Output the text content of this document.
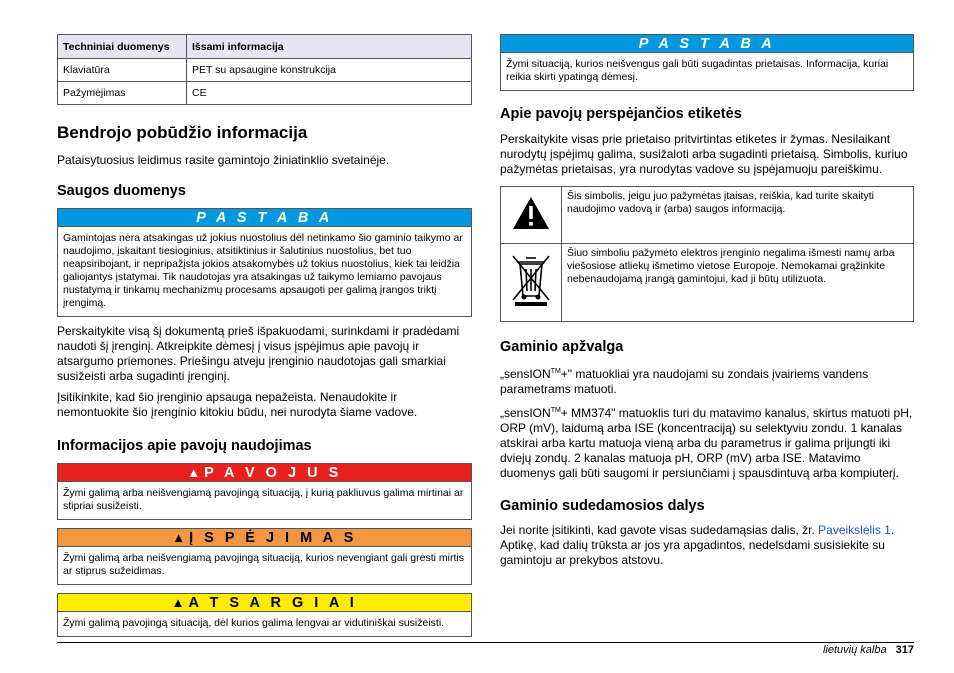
Techniniai duomenys	Išsami informacija
Klaviatūra	PET su apsaugine konstrukcija
Pažymėjimas	CE
Bendrojo pobūdžio informacija

Pataisytuosius leidimus rasite gamintojo žiniatinklio svetainėje.

Saugos duomenys
P A S T A B A
Gamintojas nėra atsakingas už jokius nuostolius dėl netinkamo šio gaminio taikymo ar naudojimo, įskaitant tiesioginius, atsitiktinius ir šalutinius nuostolius, bet tuo neapsiribojant, ir nepripažįsta jokios atsakomybės už tokius nuostolius, kiek tai leidžia galiojantys įstatymai. Tik naudotojas yra atsakingas už taikymo lemiamo pavojaus nustatymą ir tinkamų mechanizmų procesams apsaugoti per galimą įrangos triktį įrengimą.

Perskaitykite visą šį dokumentą prieš išpakuodami, surinkdami ir pradėdami naudoti šį įrenginį. Atkreipkite dėmesį į visus įspėjimus apie pavojų ir atsargumo priemones. Priešingu atveju įrenginio naudotojas gali smarkiai susižeisti arba sugadinti įrenginį.

Įsitikinkite, kad šio įrenginio apsauga nepažeista. Nenaudokite ir nemontuokite šio įrenginio kitokiu būdu, nei nurodyta šiame vadove.

Informacijos apie pavojų naudojimas
▲ P A V O J U S
Žymi galimą arba neišvengiamą pavojingą situaciją, į kurią pakliuvus galima mirtinai ar stipriai susižeisti.
▲ Į S P Ė J I M A S
Žymi galimą arba neišvengiamą pavojingą situaciją, kurios nevengiant gali grėsti mirtis ar stiprus sužeidimas.
▲ A T S A R G I A I
Žymi galimą pavojingą situaciją, dėl kurios galima lengvai ar vidutiniškai susižeisti.
P A S T A B A
Žymi situaciją, kurios neišvengus gali būti sugadintas prietaisas. Informacija, kuriai reikia skirti ypatingą dėmesį.
Apie pavojų perspėjančios etiketės

Perskaitykite visas prie prietaiso pritvirtintas etiketes ir žymas. Nesilaikant nurodytų įspėjimų galima, susižaloti arba sugadinti prietaisą. Simbolis, kuriuo pažymėtas prietaisas, yra nurodytas vadove su įspėjamuoju pareiškimu.

	Šis simbolis, jeigu juo pažymėtas įtaisas, reiškia, kad turite skaityti naudojimo vadovą ir (arba) saugos informaciją.
	Šiuo simboliu pažymėto elektros įrenginio negalima išmesti namų arba viešosiose atliekų išmetimo vietose Europoje. Nemokamai grąžinkite nebenaudojamą įrangą gamintojui, kad ji būtų utilizuota.
Gaminio apžvalga

„sensION™+" matuokliai yra naudojami su zondais įvairiems vandens parametrams matuoti.

„sensION™+ MM374" matuoklis turi du matavimo kanalus, skirtus matuoti pH, ORP (mV), laidumą arba ISE (koncentraciją) su selektyviu zondu. 1 kanalas atskirai arba kartu matuoja vieną arba du parametrus ir galima prijungti iki dviejų zondų. 2 kanalas matuoja pH, ORP (mV) arba ISE. Matavimo duomenys gali būti saugomi ir persiunčiami į spausdintuvą arba kompiuterį.

Gaminio sudedamosios dalys

Jei norite įsitikinti, kad gavote visas sudedamąsias dalis, žr. Paveikslėlis 1. Aptikę, kad dalių trūksta ar jos yra apgadintos, nedelsdami susisiekite su gamintoju ar prekybos atstovu.

lietuvių kalba 317
